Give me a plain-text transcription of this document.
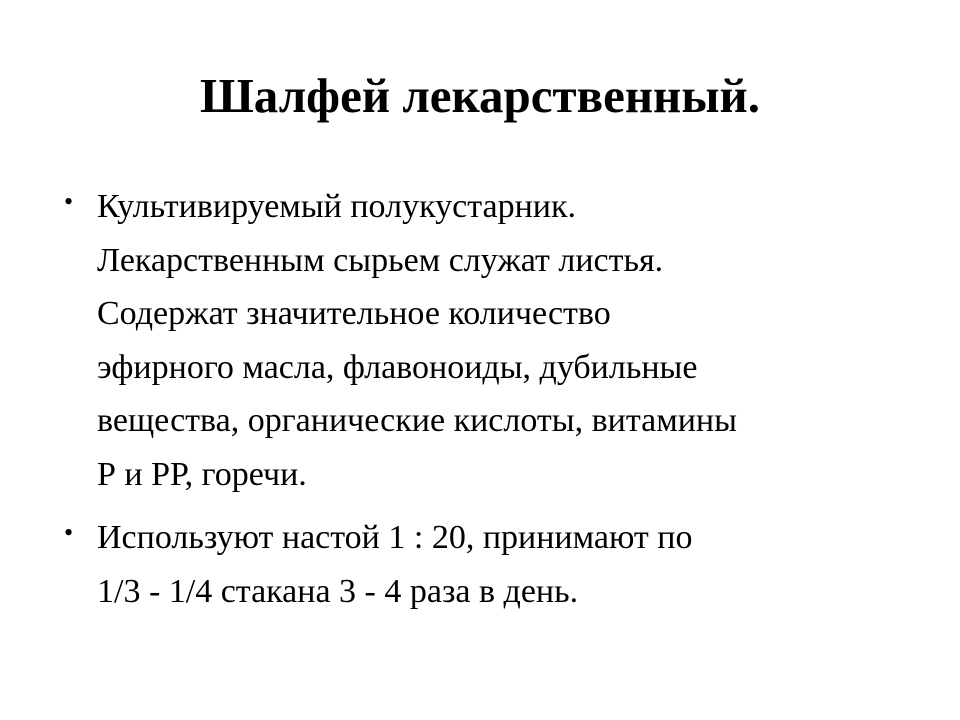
Шалфей лекарственный.
• Культивируемый полукустарник.
Лекарственным сырьем служат листья.
Содержат значительное количество
эфирного масла, флавоноиды, дубильные
вещества, органические кислоты, витамины
Р и РР, горечи.
• Используют настой 1 : 20, принимают по
1/3 - 1/4 стакана 3 - 4 раза в день.
